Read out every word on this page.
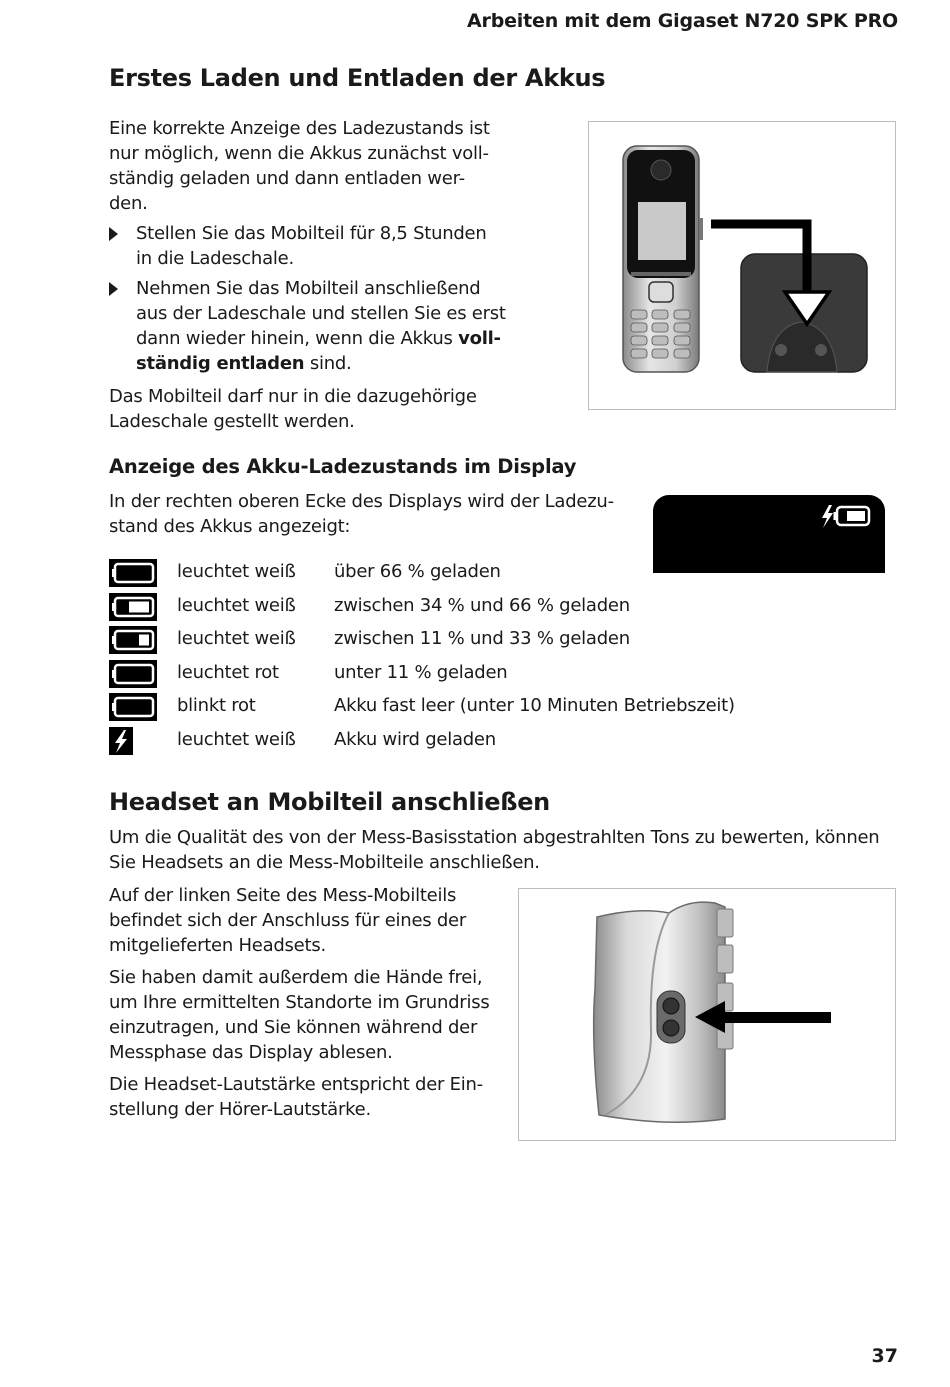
Arbeiten mit dem Gigaset N720 SPK PRO
Erstes Laden und Entladen der Akkus
Eine korrekte Anzeige des Ladezustands ist
nur möglich, wenn die Akkus zunächst voll-
ständig geladen und dann entladen wer-
den.
Stellen Sie das Mobilteil für 8,5 Stunden
in die Ladeschale.
Nehmen Sie das Mobilteil anschließend
aus der Ladeschale und stellen Sie es erst
dann wieder hinein, wenn die Akkus voll-
ständig entladen sind.
Das Mobilteil darf nur in die dazugehörige
Ladeschale gestellt werden.
Anzeige des Akku-Ladezustands im Display
In der rechten oberen Ecke des Displays wird der Ladezu-
stand des Akkus angezeigt:
leuchtet weiß über 66 % geladen
leuchtet weiß zwischen 34 % und 66 % geladen
leuchtet weiß zwischen 11 % und 33 % geladen
leuchtet rot	unter 11 % geladen
blinkt rot	Akku fast leer (unter 10 Minuten Betriebszeit)
leuchtet weiß Akku wird geladen
Headset an Mobilteil anschließen
Um die Qualität des von der Mess-Basisstation abgestrahlten Tons zu bewerten, können
Sie Headsets an die Mess-Mobilteile anschließen.
Auf der linken Seite des Mess-Mobilteils
befindet sich der Anschluss für eines der
mitgelieferten Headsets.
Sie haben damit außerdem die Hände frei,
um Ihre ermittelten Standorte im Grundriss
einzutragen, und Sie können während der
Messphase das Display ablesen.
Die Headset-Lautstärke entspricht der Ein-
stellung der Hörer-Lautstärke.
37
